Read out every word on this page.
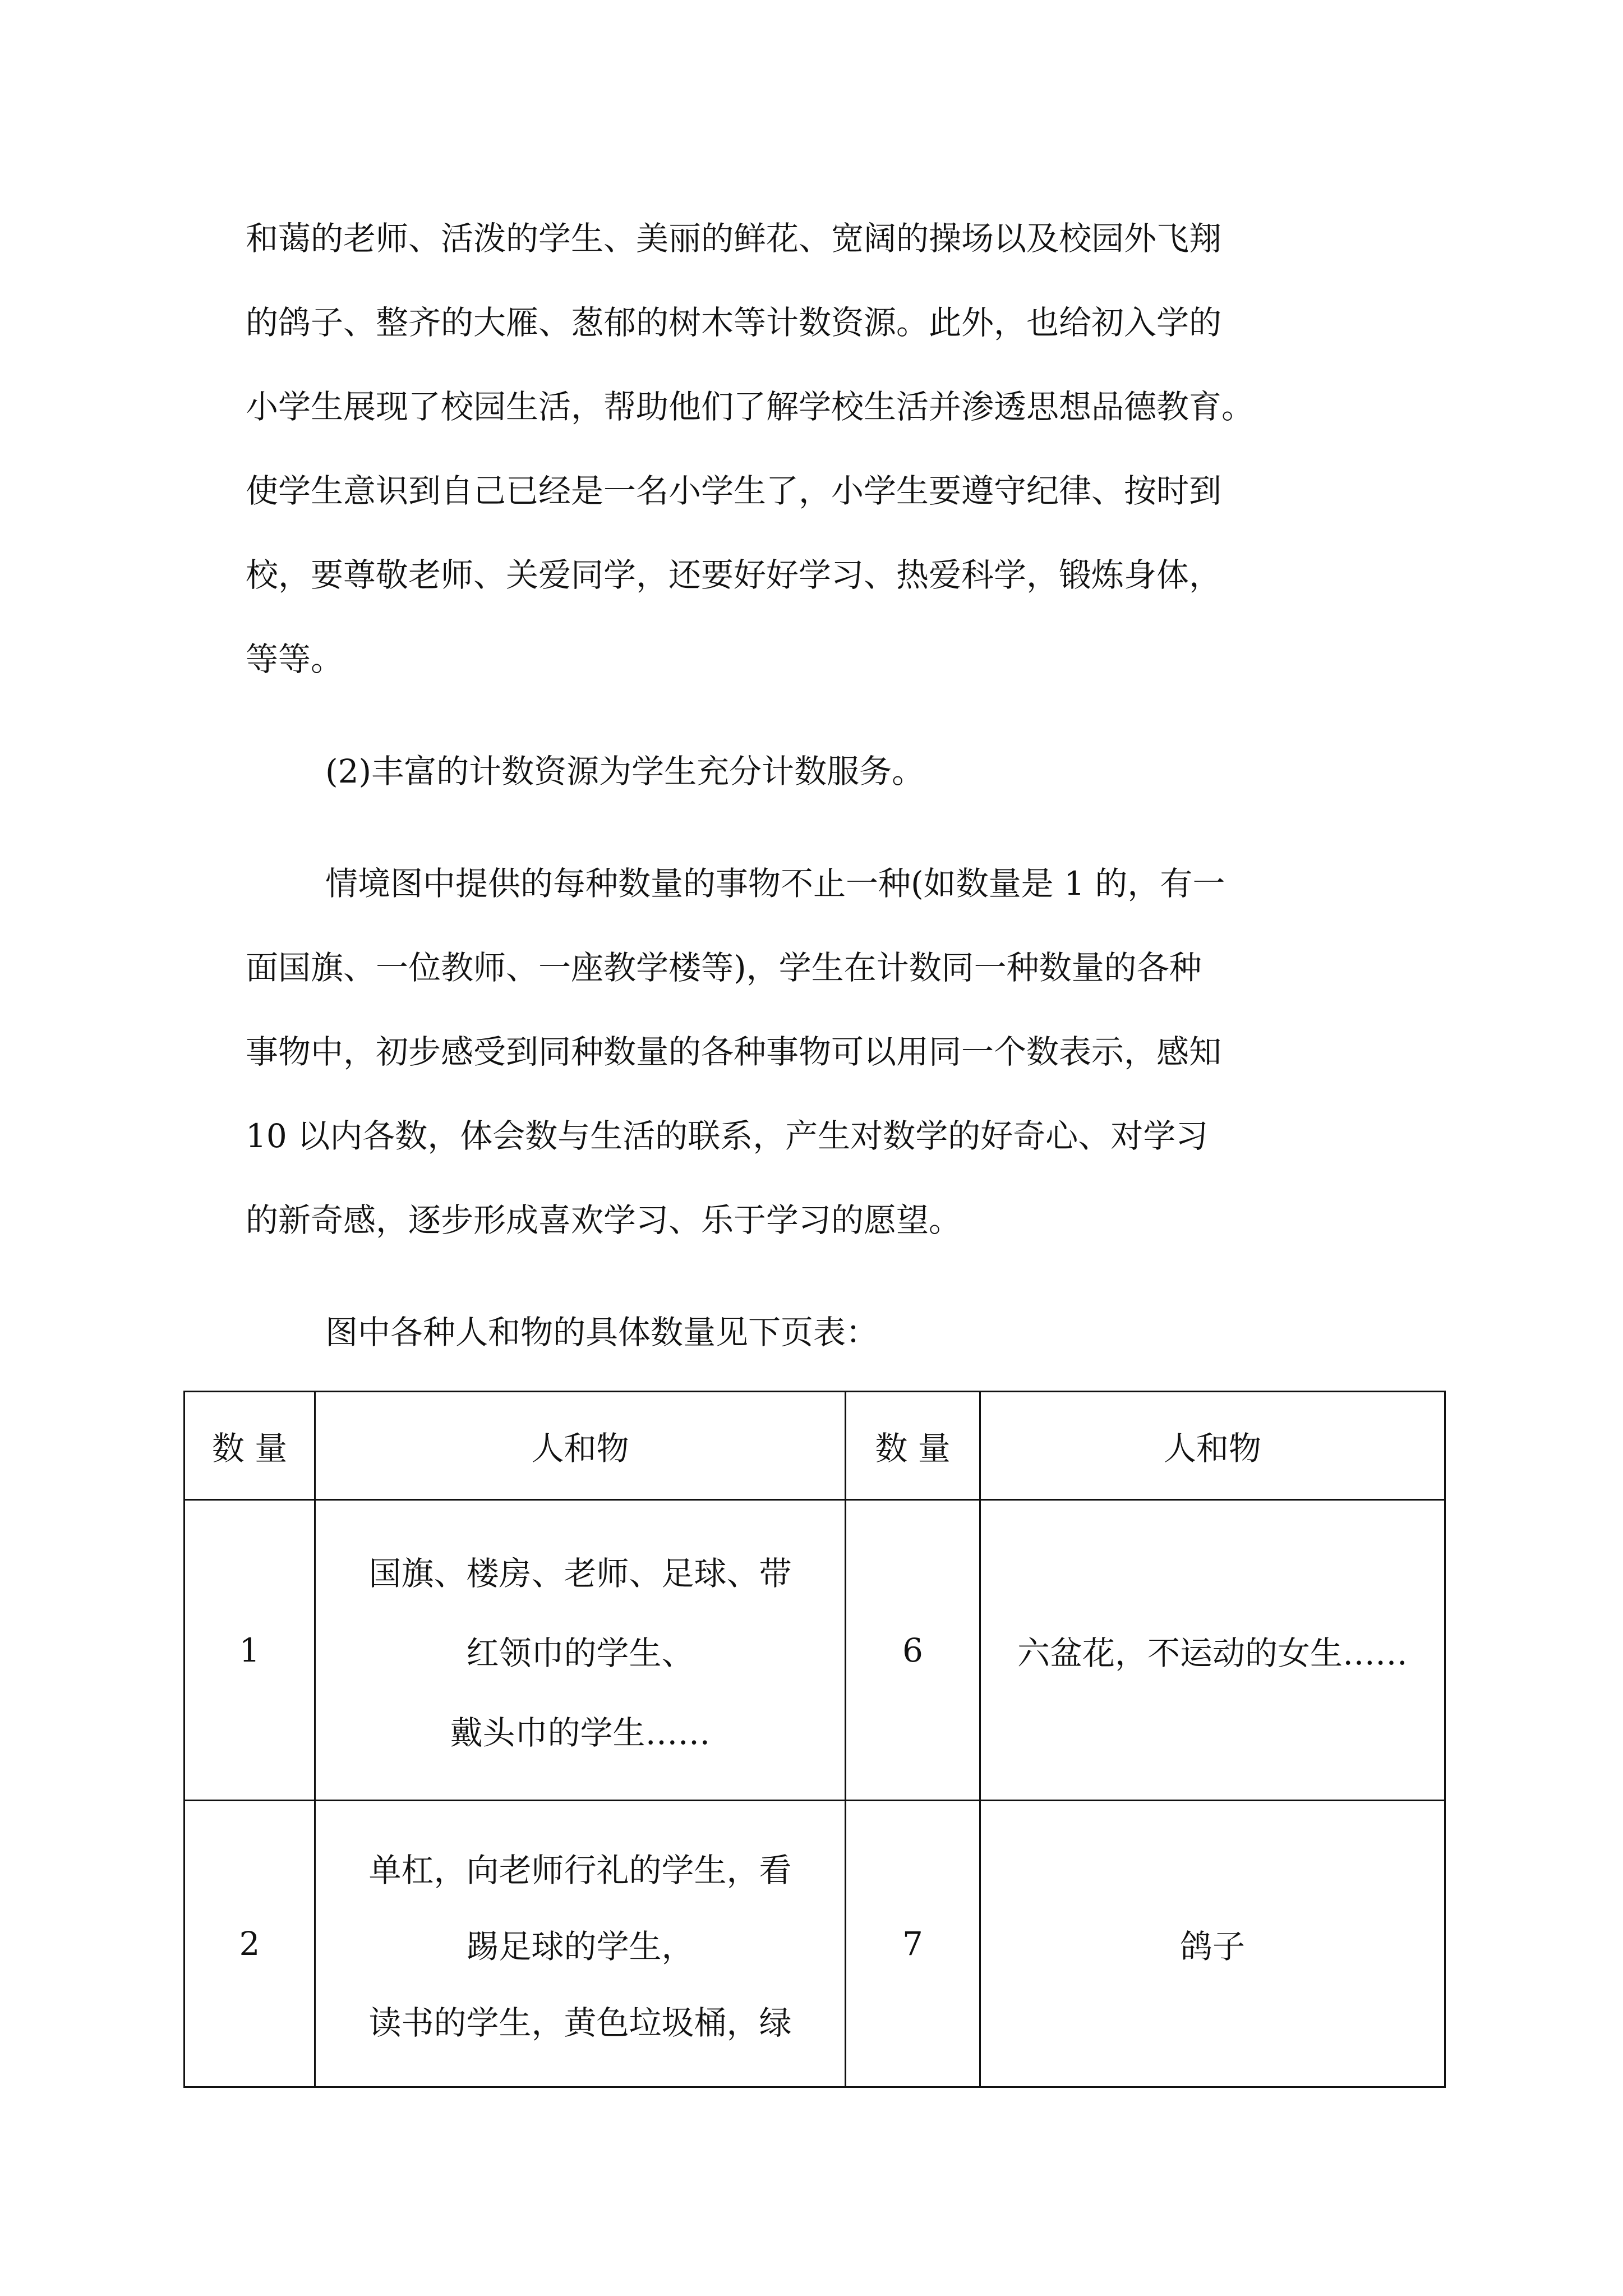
和蔼的老师、活泼的学生、美丽的鲜花、宽阔的操场以及校园外飞翔

的鸽子、整齐的大雁、葱郁的树木等计数资源。此外，也给初入学的

小学生展现了校园生活，帮助他们了解学校生活并渗透思想品德教育。

使学生意识到自己已经是一名小学生了，小学生要遵守纪律、按时到

校，要尊敬老师、关爱同学，还要好好学习、热爱科学，锻炼身体，

等等。

(2)丰富的计数资源为学生充分计数服务。

情境图中提供的每种数量的事物不止一种(如数量是 1 的，有一

面国旗、一位教师、一座教学楼等)，学生在计数同一种数量的各种

事物中，初步感受到同种数量的各种事物可以用同一个数表示，感知

10 以内各数，体会数与生活的联系，产生对数学的好奇心、对学习

的新奇感，逐步形成喜欢学习、乐于学习的愿望。

图中各种人和物的具体数量见下页表：

数 量	人和物	数 量	人和物
1	国旗、楼房、老师、足球、带
红领巾的学生、
戴头巾的学生……	6	六盆花，不运动的女生……

2	单杠，向老师行礼的学生，看
踢足球的学生，
读书的学生，黄色垃圾桶，绿	7	鸽子
